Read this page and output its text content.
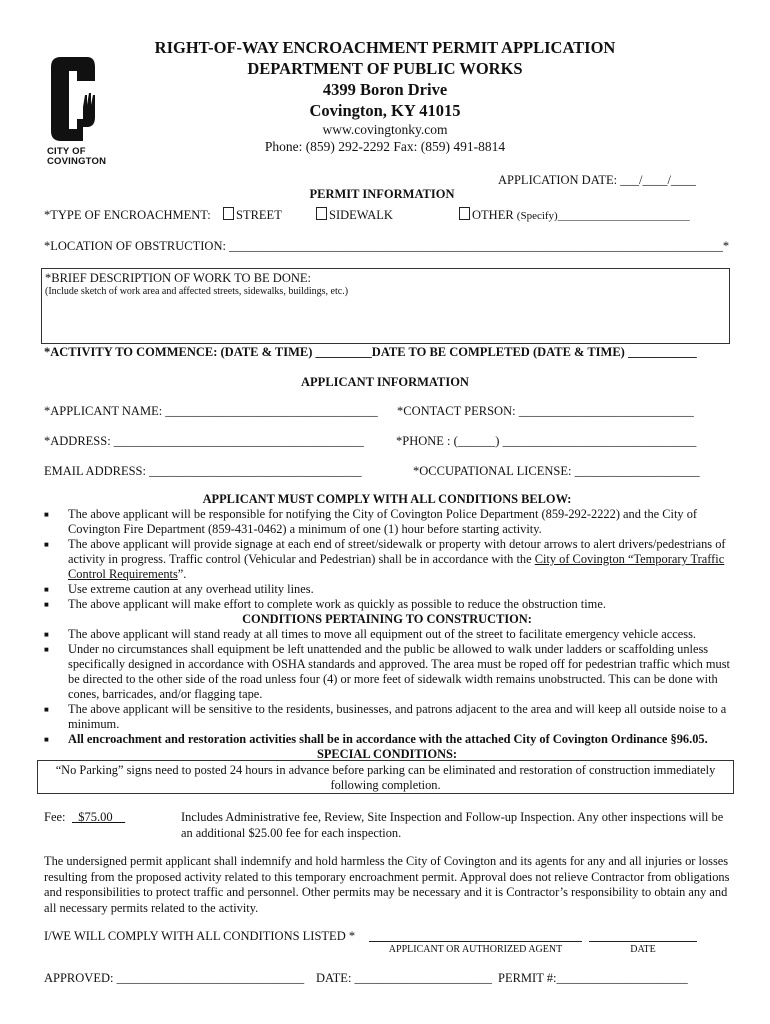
CITY OF
COVINGTON
RIGHT-OF-WAY ENCROACHMENT PERMIT APPLICATION
DEPARTMENT OF PUBLIC WORKS
4399 Boron Drive
Covington, KY 41015
www.covingtonky.com
Phone: (859) 292-2292 Fax: (859) 491-8814
APPLICATION DATE: ___/____/____
PERMIT INFORMATION
*TYPE OF ENCROACHMENT:	STREET	SIDEWALK	OTHER (Specify)________________________
*LOCATION OF OBSTRUCTION: _______________________________________________________________________________*
*BRIEF DESCRIPTION OF WORK TO BE DONE:
(Include sketch of work area and affected streets, sidewalks, buildings, etc.)
*ACTIVITY TO COMMENCE: (DATE & TIME) _________DATE TO BE COMPLETED (DATE & TIME) ___________
APPLICANT INFORMATION
*APPLICANT NAME: __________________________________ *CONTACT PERSON: ____________________________
*ADDRESS: ________________________________________	*PHONE : (______) _______________________________
EMAIL ADDRESS: __________________________________	*OCCUPATIONAL LICENSE: ____________________
APPLICANT MUST COMPLY WITH ALL CONDITIONS BELOW:
■	The above applicant will be responsible for notifying the City of Covington Police Department (859-292-2222) and the City of Covington Fire Department (859-431-0462) a minimum of one (1) hour before starting activity.
■	The above applicant will provide signage at each end of street/sidewalk or property with detour arrows to alert drivers/pedestrians of activity in progress. Traffic control (Vehicular and Pedestrian) shall be in accordance with the City of Covington “Temporary Traffic Control Requirements”.
■	Use extreme caution at any overhead utility lines.
■	The above applicant will make effort to complete work as quickly as possible to reduce the obstruction time.
CONDITIONS PERTAINING TO CONSTRUCTION:
■	The above applicant will stand ready at all times to move all equipment out of the street to facilitate emergency vehicle access.
■	Under no circumstances shall equipment be left unattended and the public be allowed to walk under ladders or scaffolding unless specifically designed in accordance with OSHA standards and approved. The area must be roped off for pedestrian traffic which must be directed to the other side of the road unless four (4) or more feet of sidewalk width remains unobstructed. This can be done with cones, barricades, and/or flagging tape.
■	The above applicant will be sensitive to the residents, businesses, and patrons adjacent to the area and will keep all outside noise to a minimum.
■	All encroachment and restoration activities shall be in accordance with the attached City of Covington Ordinance §96.05.
SPECIAL CONDITIONS:
“No Parking” signs need to posted 24 hours in advance before parking can be eliminated and restoration of construction immediately following completion.
Fee: $75.00	Includes Administrative fee, Review, Site Inspection and Follow-up Inspection. Any other inspections will be an additional $25.00 fee for each inspection.
The undersigned permit applicant shall indemnify and hold harmless the City of Covington and its agents for any and all injuries or losses resulting from the proposed activity related to this temporary encroachment permit. Approval does not relieve Contractor from obligations and responsibilities to protect traffic and personnel. Other permits may be necessary and it is Contractor’s responsibility to obtain any and all necessary permits related to the activity.
I/WE WILL COMPLY WITH ALL CONDITIONS LISTED *
APPLICANT OR AUTHORIZED AGENT	DATE
APPROVED: ______________________________ DATE: ______________________ PERMIT #:_____________________
